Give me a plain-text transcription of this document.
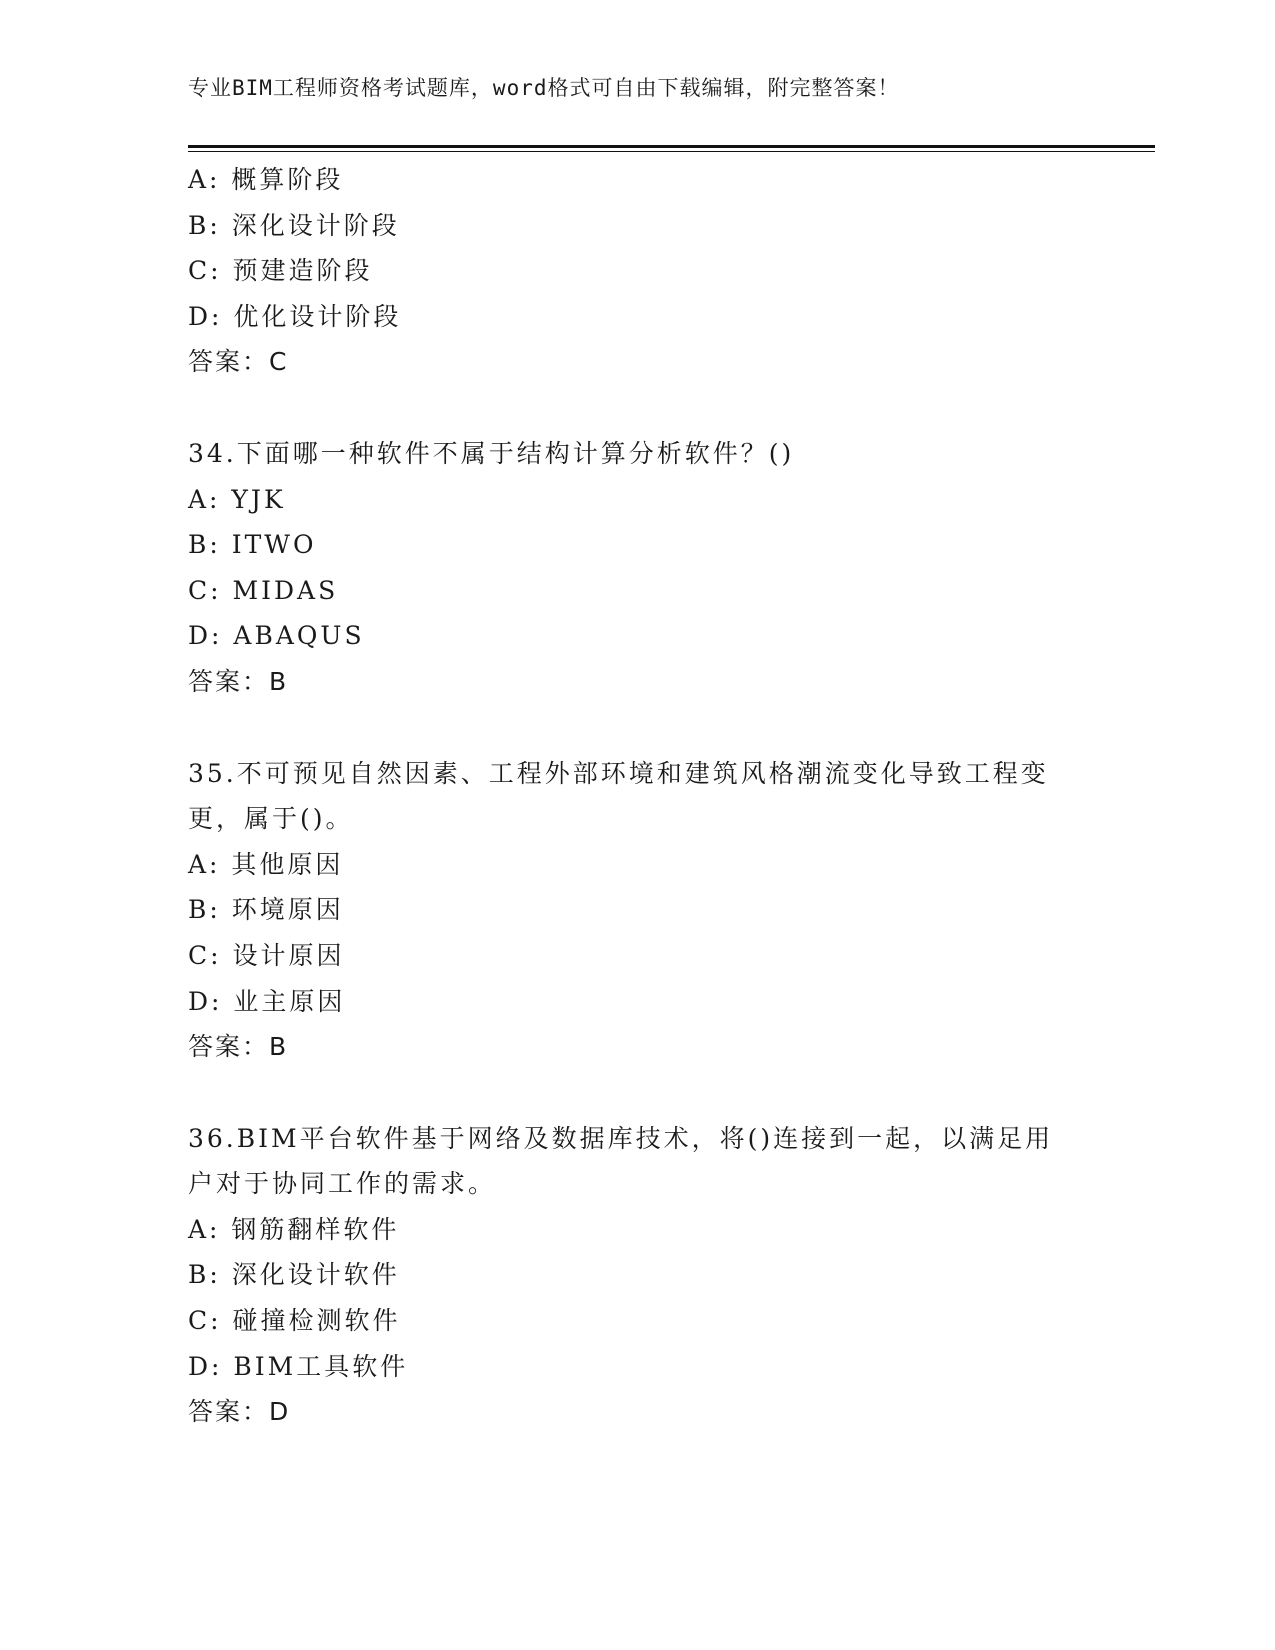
专业BIM工程师资格考试题库，word格式可自由下载编辑，附完整答案！
A: 概算阶段
B: 深化设计阶段
C: 预建造阶段
D: 优化设计阶段
答案：C
34.下面哪一种软件不属于结构计算分析软件？()
A: YJK
B: ITWO
C: MIDAS
D: ABAQUS
答案：B
35.不可预见自然因素、工程外部环境和建筑风格潮流变化导致工程变更，属于()。
A: 其他原因
B: 环境原因
C: 设计原因
D: 业主原因
答案：B
36.BIM平台软件基于网络及数据库技术，将()连接到一起，以满足用户对于协同工作的需求。
A: 钢筋翻样软件
B: 深化设计软件
C: 碰撞检测软件
D: BIM工具软件
答案：D
